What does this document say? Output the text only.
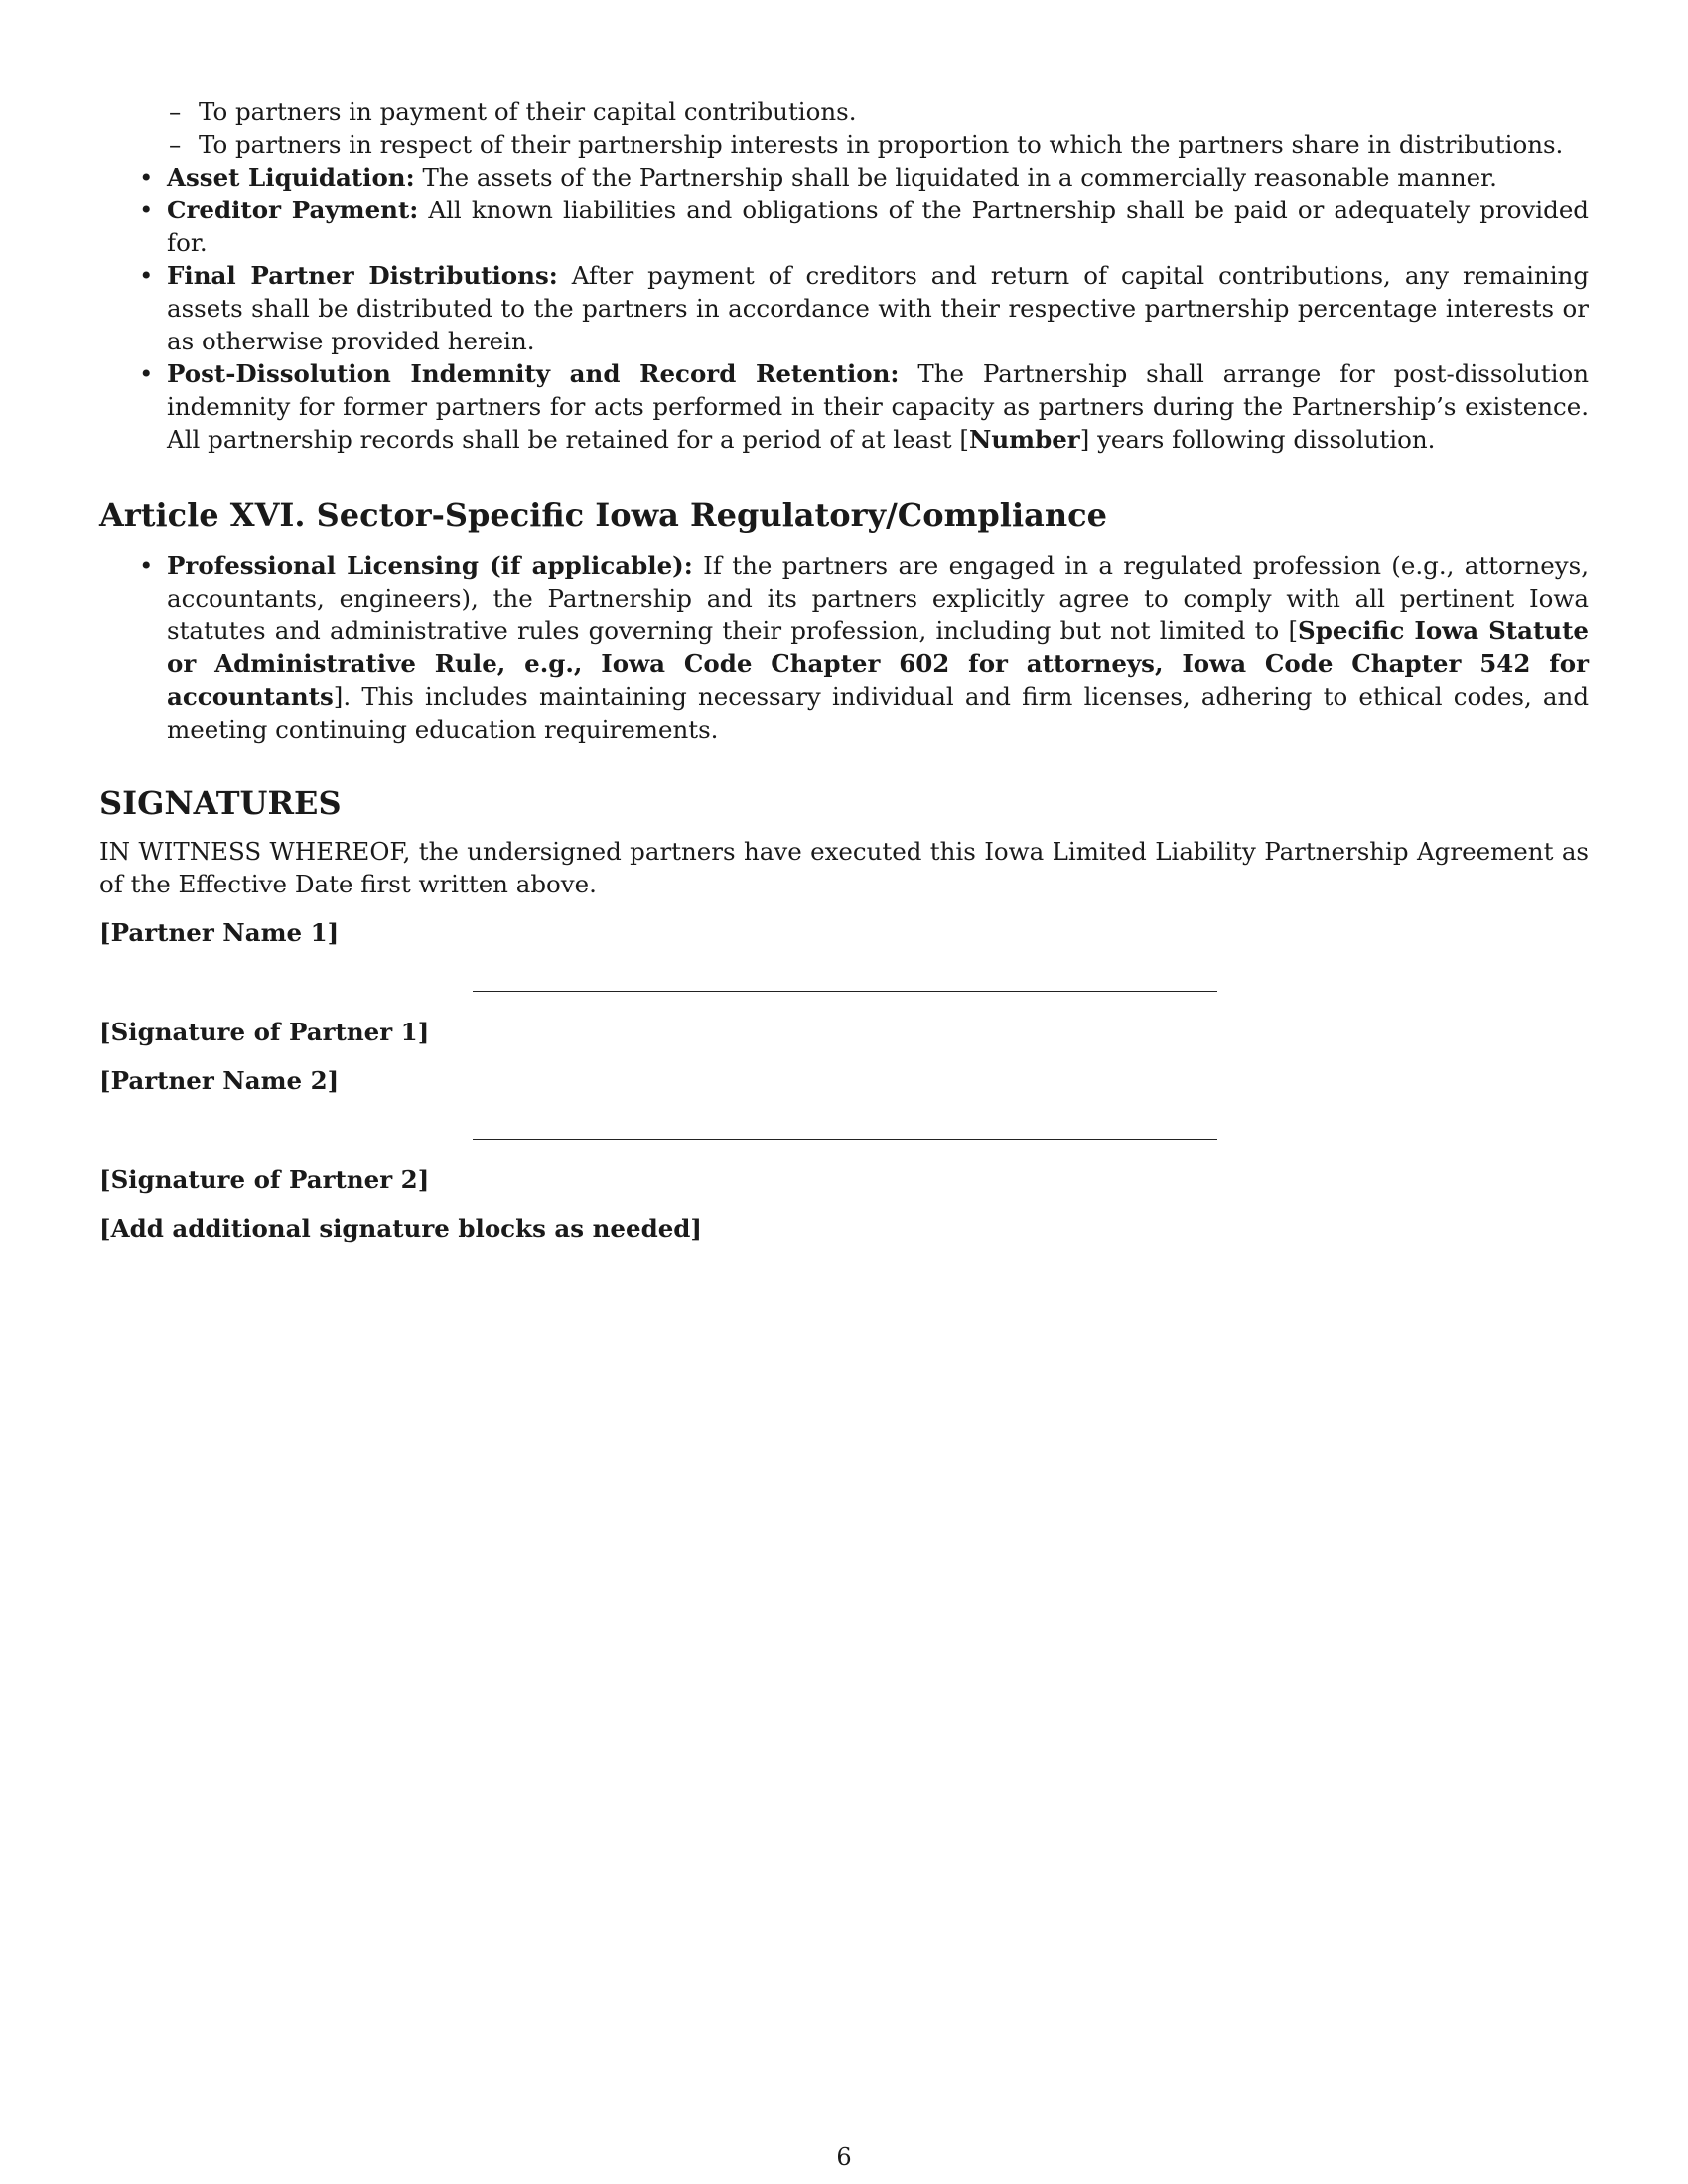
– To partners in payment of their capital contributions.
– To partners in respect of their partnership interests in proportion to which the partners share in distributions.
• Asset Liquidation: The assets of the Partnership shall be liquidated in a commercially reasonable manner.
• Creditor Payment: All known liabilities and obligations of the Partnership shall be paid or adequately provided for.
• Final Partner Distributions: After payment of creditors and return of capital contributions, any remaining assets shall be distributed to the partners in accordance with their respective partnership percentage interests or as otherwise provided herein.
• Post-Dissolution Indemnity and Record Retention: The Partnership shall arrange for post-dissolution indemnity for former partners for acts performed in their capacity as partners during the Partnership’s existence. All partnership records shall be retained for a period of at least [Number] years following dissolution.
Article XVI. Sector-Specific Iowa Regulatory/Compliance
• Professional Licensing (if applicable): If the partners are engaged in a regulated profession (e.g., attorneys, accountants, engineers), the Partnership and its partners explicitly agree to comply with all pertinent Iowa statutes and administrative rules governing their profession, including but not limited to [Specific Iowa Statute or Administrative Rule, e.g., Iowa Code Chapter 602 for attorneys, Iowa Code Chapter 542 for accountants]. This includes maintaining necessary individual and firm licenses, adhering to ethical codes, and meeting continuing education requirements.
SIGNATURES

IN WITNESS WHEREOF, the undersigned partners have executed this Iowa Limited Liability Partnership Agreement as of the Effective Date first written above.

[Partner Name 1]

[Signature of Partner 1]

[Partner Name 2]

[Signature of Partner 2]

[Add additional signature blocks as needed]

6
